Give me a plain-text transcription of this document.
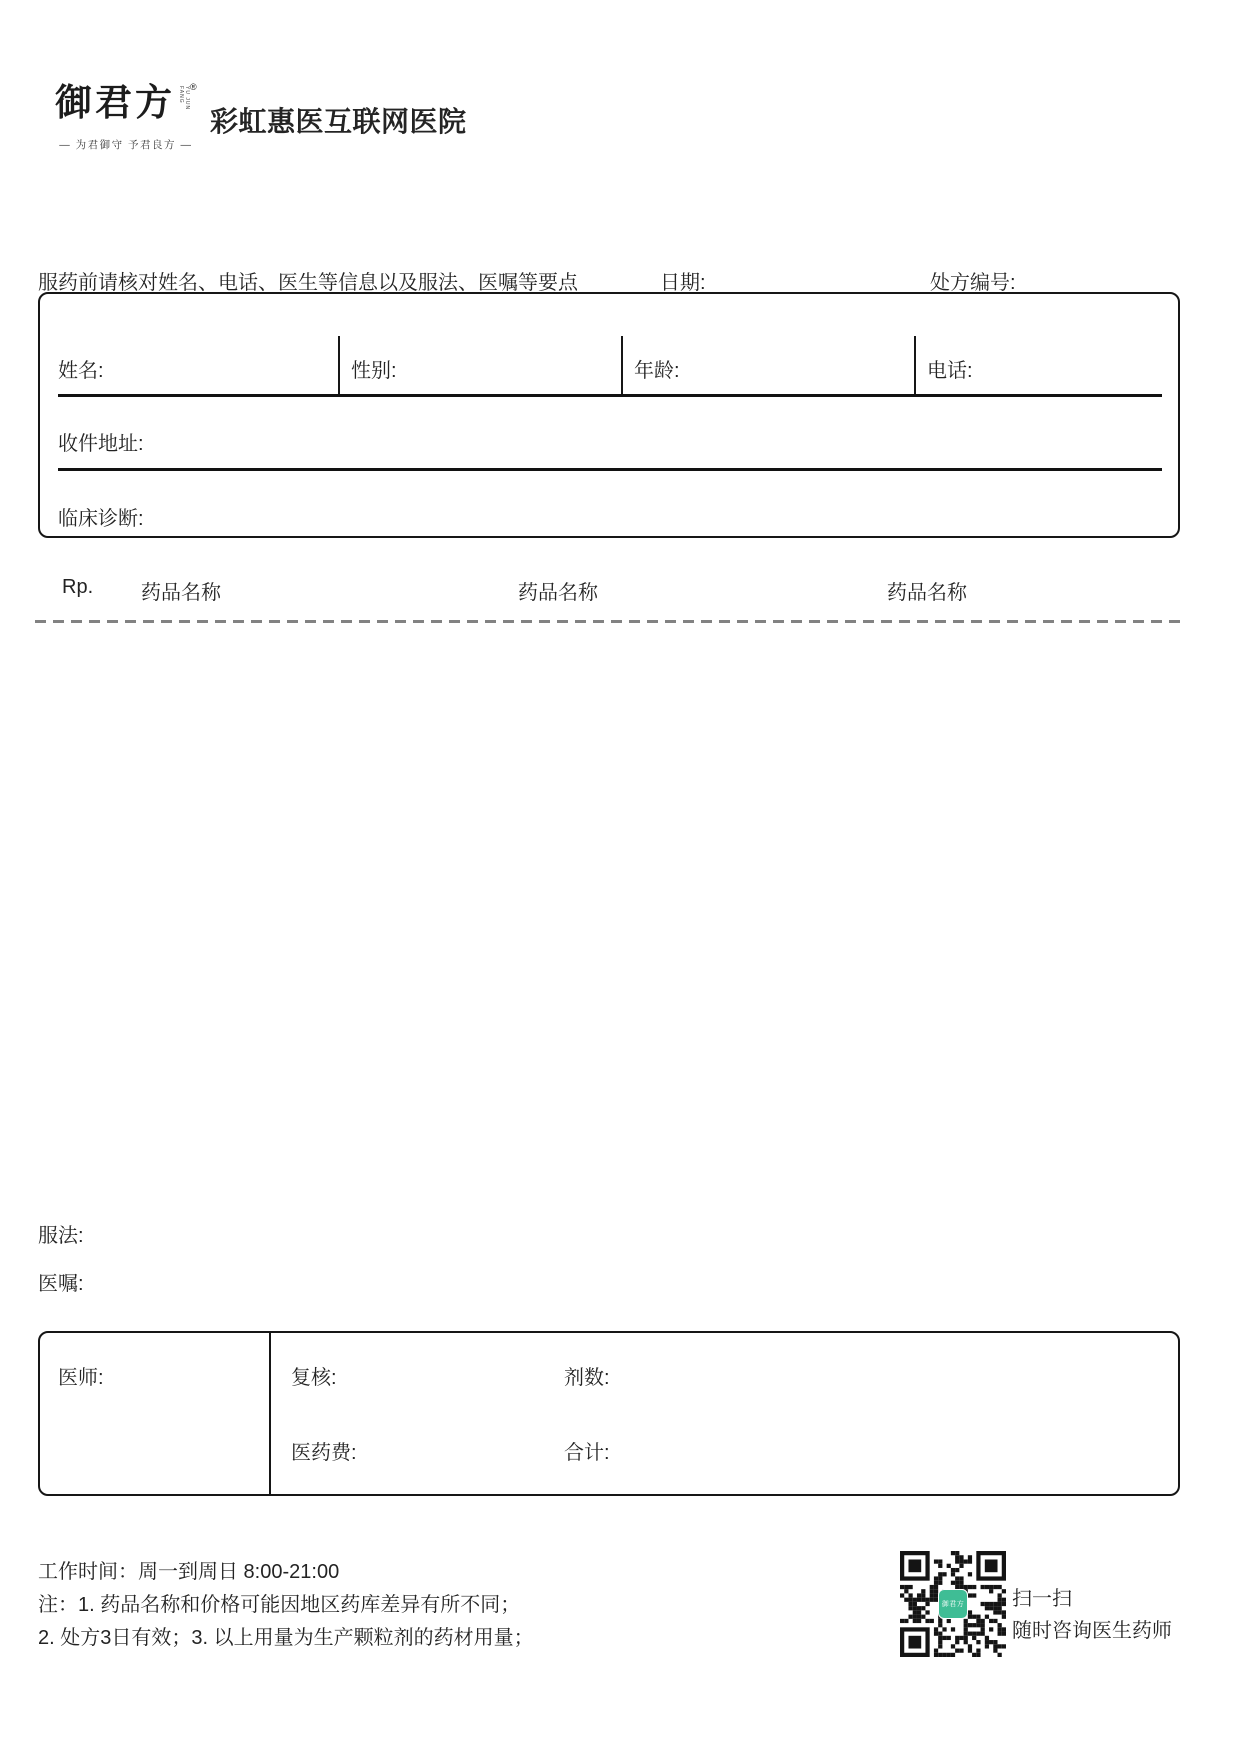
御君方	YU JUN FANG ®
— 为君御守 予君良方 —
彩虹惠医互联网医院
服药前请核对姓名、电话、医生等信息以及服法、医嘱等要点	日期:	处方编号:
姓名:	性别:	年龄:	电话:
收件地址:
临床诊断:
Rp. 药品名称	药品名称	药品名称
服法:
医嘱:
医师:	复核:	剂数:
医药费:	合计:
工作时间：周一到周日 8:00-21:00
注：1. 药品名称和价格可能因地区药库差异有所不同；
2. 处方3日有效；3. 以上用量为生产颗粒剂的药材用量；
御君方 扫一扫
随时咨询医生药师
